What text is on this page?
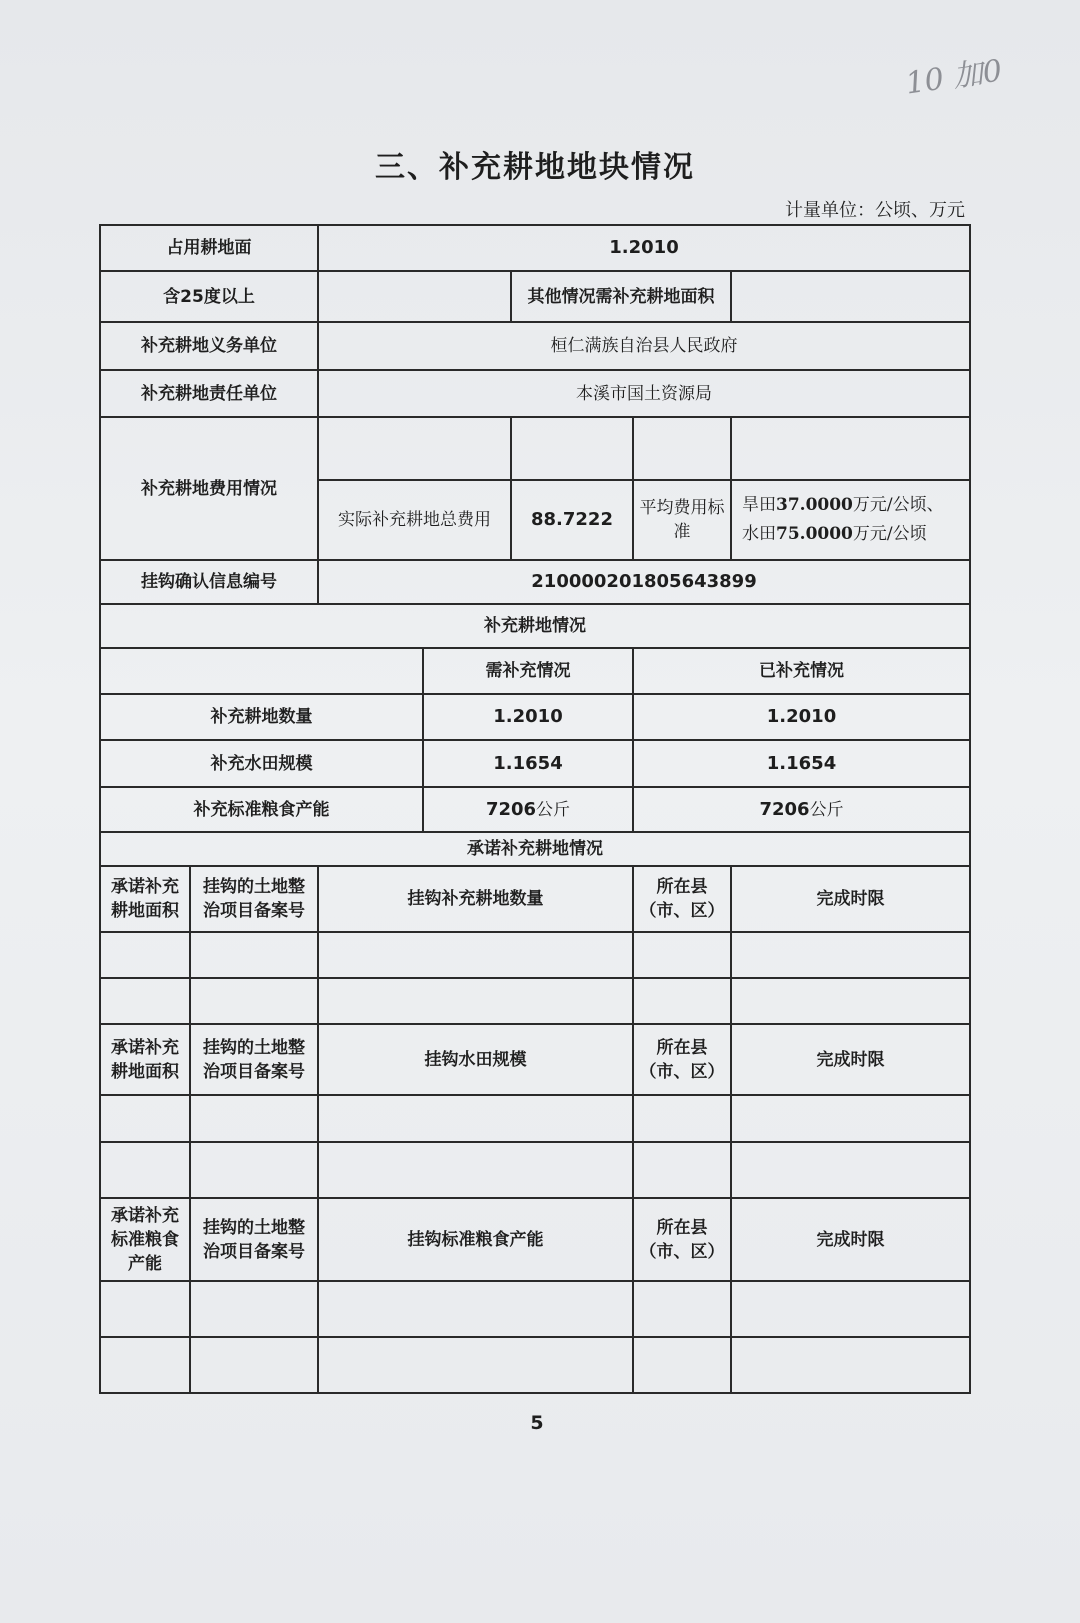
10 加0
三、补充耕地地块情况
计量单位：公顷、万元
占用耕地面		1.2010				
含25度以上				其他情况需补充耕地面积		
补充耕地义务单位		桓仁满族自治县人民政府				
补充耕地责任单位		本溪市国土资源局				
补充耕地费用情况						
		实际补充耕地总费用		88.7222	平均费用标准	旱田37.0000万元/公顷、
水田75.0000万元/公顷
挂钩确认信息编号		210000201805643899				
补充耕地情况						
			需补充情况		已补充情况	
补充耕地数量			1.2010		1.2010	
补充水田规模			1.1654		1.1654	
补充标准粮食产能			7206公斤		7206公斤	
承诺补充耕地情况						
承诺补充耕地面积	挂钩的土地整治项目备案号	挂钩补充耕地数量			所在县（市、区）	完成时限

承诺补充耕地面积	挂钩的土地整治项目备案号	挂钩水田规模			所在县（市、区）	完成时限

承诺补充标准粮食产能	挂钩的土地整治项目备案号	挂钩标准粮食产能			所在县（市、区）	完成时限

5
